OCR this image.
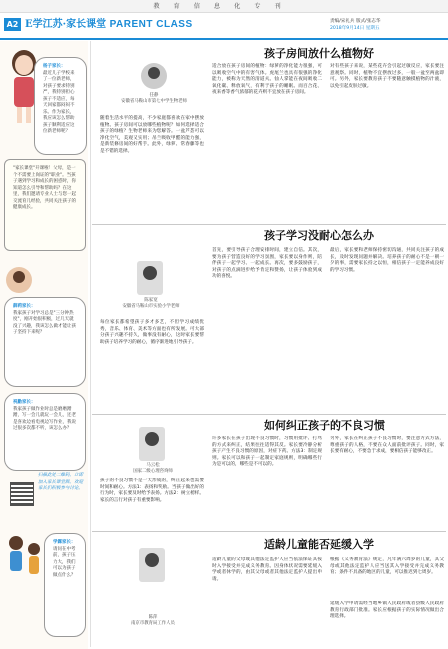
教育信息化专刊
A2 E学江苏·家长课堂 PARENT CLASS	责编/宋礼兵 版式/张志华
2018年9月14日 星期五
杨子家长：
最近儿子学校来了一位新老师，对孩子要求特别严，我特别担心孩子不适应，每天回家都闷闷不乐。作为家长，我应该怎么帮助孩子顺利适应这位新老师呢？
"家长课堂"开课啦！父母，是一个不需要上岗证的"职业"。当孩子遇到学习和成长的困惑时，你知道怎么引导和帮助吗？在这里，我们邀请专业人士与您一起交流育儿经验，共同关注孩子的健康成长。
薛莉家长：
我家孩子对学习总是"三分钟热度"，刚开始很积极，过几天就没了兴趣，我该怎么做才能让孩子坚持下来呢？
祝勤家长：
我家孩子做作业时总是磨磨蹭蹭，写一会儿就玩一会儿，还老是喜欢边看电视边写作业，我说过很多次都不听，该怎么办？
扫描此处二维码，立即加入家长课堂群。欢迎家长们积极参与讨论。
学霖家长：
请问在中考前，孩子压力大，我们可以为孩子做点什么？
孩子房间放什么植物好
任静
安徽省马鞍山市第七中学生物老师
随着生活水平的提高，不少家庭都喜欢在家中摆放植物。孩子房间可以放哪些植物呢？如何选择适合孩子的绿植？生物老师来为您解答。一盆芦荟可以净化空气，美观又实用；吊兰吸收甲醛的能力强，是新装修房间的好帮手。此外，绿萝、常春藤等也是不错的选择。
适合放在孩子房间的植物：绿萝的净化能力很强，可以吸收空气中的有害气体。虎尾兰也具有很强的净化能力，被称为天然的清道夫。仙人掌能在夜间吸收二氧化碳、释放氧气，有利于孩子的睡眠。而百合花、夜来香等香气浓郁的花卉则不宜放在孩子房间。
对有些孩子来说，某些花卉会引起过敏反应，家长要注意观察。同时，植物不宜摆放过多，一般一盆至两盆即可。另外，家长要教育孩子不要随意触摸植物的汁液，以免引起皮肤过敏。
孩子学习没耐心怎么办
陈家宽
安徽省马鞍山市实验小学老师
每位家长都希望孩子多才多艺，不但学习成绩优秀，音乐、体育、美术等方面也有所发展。可大部分孩子兴趣不持久，做事没有耐心，这时家长要帮助孩子培养学习的耐心，循序渐进地引导孩子。
首先，要引导孩子合理安排时间，建立自信。其次，要为孩子营造良好的学习氛围，家长要以身作则，陪伴孩子一起学习、一起成长。再次，要多鼓励孩子，对孩子的点滴进步给予肯定和赞扬，让孩子体验到成功的喜悦。
最后，家长要和老师保持密切沟通，共同关注孩子的成长，及时发现问题并解决。培养孩子的耐心不是一朝一夕的事，需要家长持之以恒，相信孩子一定能养成良好的学习习惯。
如何纠正孩子的不良习惯
马云松
国家二级心理咨询师
孩子的不良习惯不是一天形成的，纠正起来也需要时间和耐心。方法1：表扬和奖励。当孩子做出好的行为时，家长要及时给予表扬。方法2：树立榜样。家长的言行对孩子有重要影响。
许多家长在孩子出现不良习惯时，习惯用批评、打骂的方式来纠正，结果往往适得其反。家长要冷静分析孩子产生不良习惯的原因，对症下药。方法3：制定规则。家长可以和孩子一起制定家庭规则，明确哪些行为是可以的，哪些是不可以的。
另外，家长在纠正孩子不良习惯时，要注意方式方法，尊重孩子的人格，不要在众人面前批评孩子。同时，家长要有耐心，不要急于求成，要相信孩子能够改正。
适龄儿童能否延缓入学
陈萍
南京市教育局工作人员
适龄儿童的父母或其他法定监护人应当依法保证其按时入学接受并完成义务教育。因身体状况需要延缓入学或者休学的，由其父母或者其他法定监护人提出申请。
根据《义务教育法》规定，凡年满六周岁的儿童，其父母或其他法定监护人应当送其入学接受并完成义务教育；条件不具备的地区的儿童，可以推迟到七周岁。
延缓入学申请需经当地乡镇人民政府或者县级人民政府教育行政部门批准。家长应根据孩子的实际情况做出合理选择。
